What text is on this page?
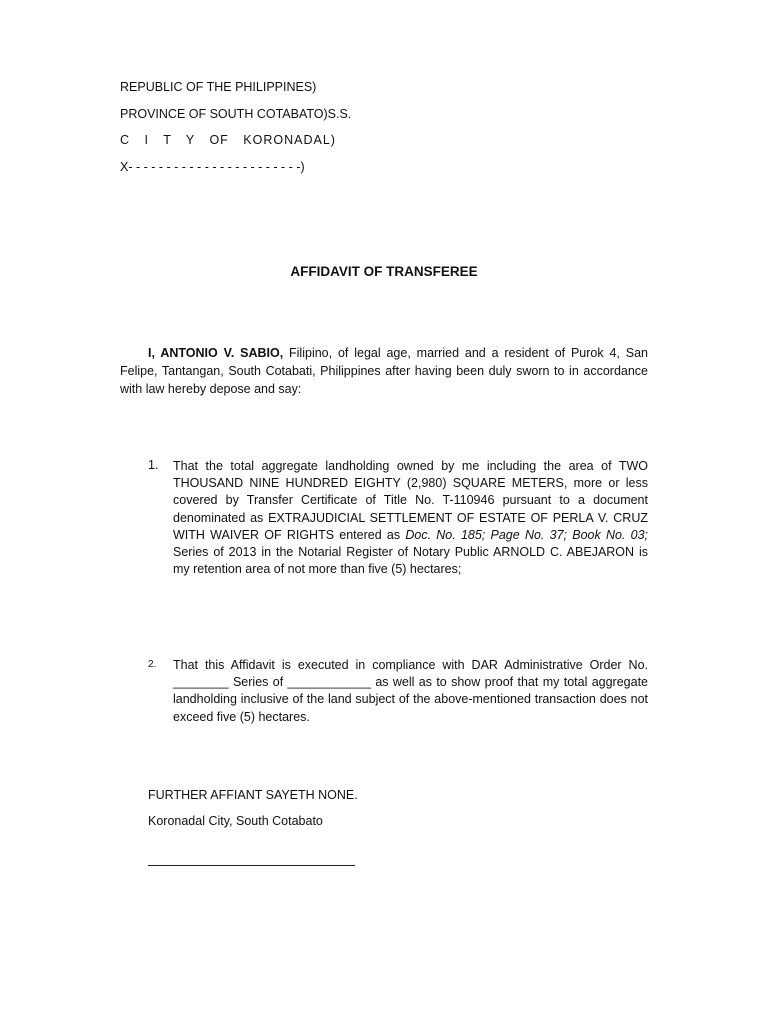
REPUBLIC OF THE PHILIPPINES)
PROVINCE OF SOUTH COTABATO)S.S.
C I T Y OF KORONADAL)
X- - - - - - - - - - - - - - - - - - - - - - -)
AFFIDAVIT OF TRANSFEREE
I, ANTONIO V. SABIO, Filipino, of legal age, married and a resident of Purok 4, San Felipe, Tantangan, South Cotabati, Philippines after having been duly sworn to in accordance with law hereby depose and say:
1.	That the total aggregate landholding owned by me including the area of TWO THOUSAND NINE HUNDRED EIGHTY (2,980) SQUARE METERS, more or less covered by Transfer Certificate of Title No. T-110946 pursuant to a document denominated as EXTRAJUDICIAL SETTLEMENT OF ESTATE OF PERLA V. CRUZ WITH WAIVER OF RIGHTS entered as Doc. No. 185; Page No. 37; Book No. 03; Series of 2013 in the Notarial Register of Notary Public ARNOLD C. ABEJARON is my retention area of not more than five (5) hectares;
2.	That this Affidavit is executed in compliance with DAR Administrative Order No. ________ Series of ____________ as well as to show proof that my total aggregate landholding inclusive of the land subject of the above-mentioned transaction does not exceed five (5) hectares.
FURTHER AFFIANT SAYETH NONE.
Koronadal City, South Cotabato
